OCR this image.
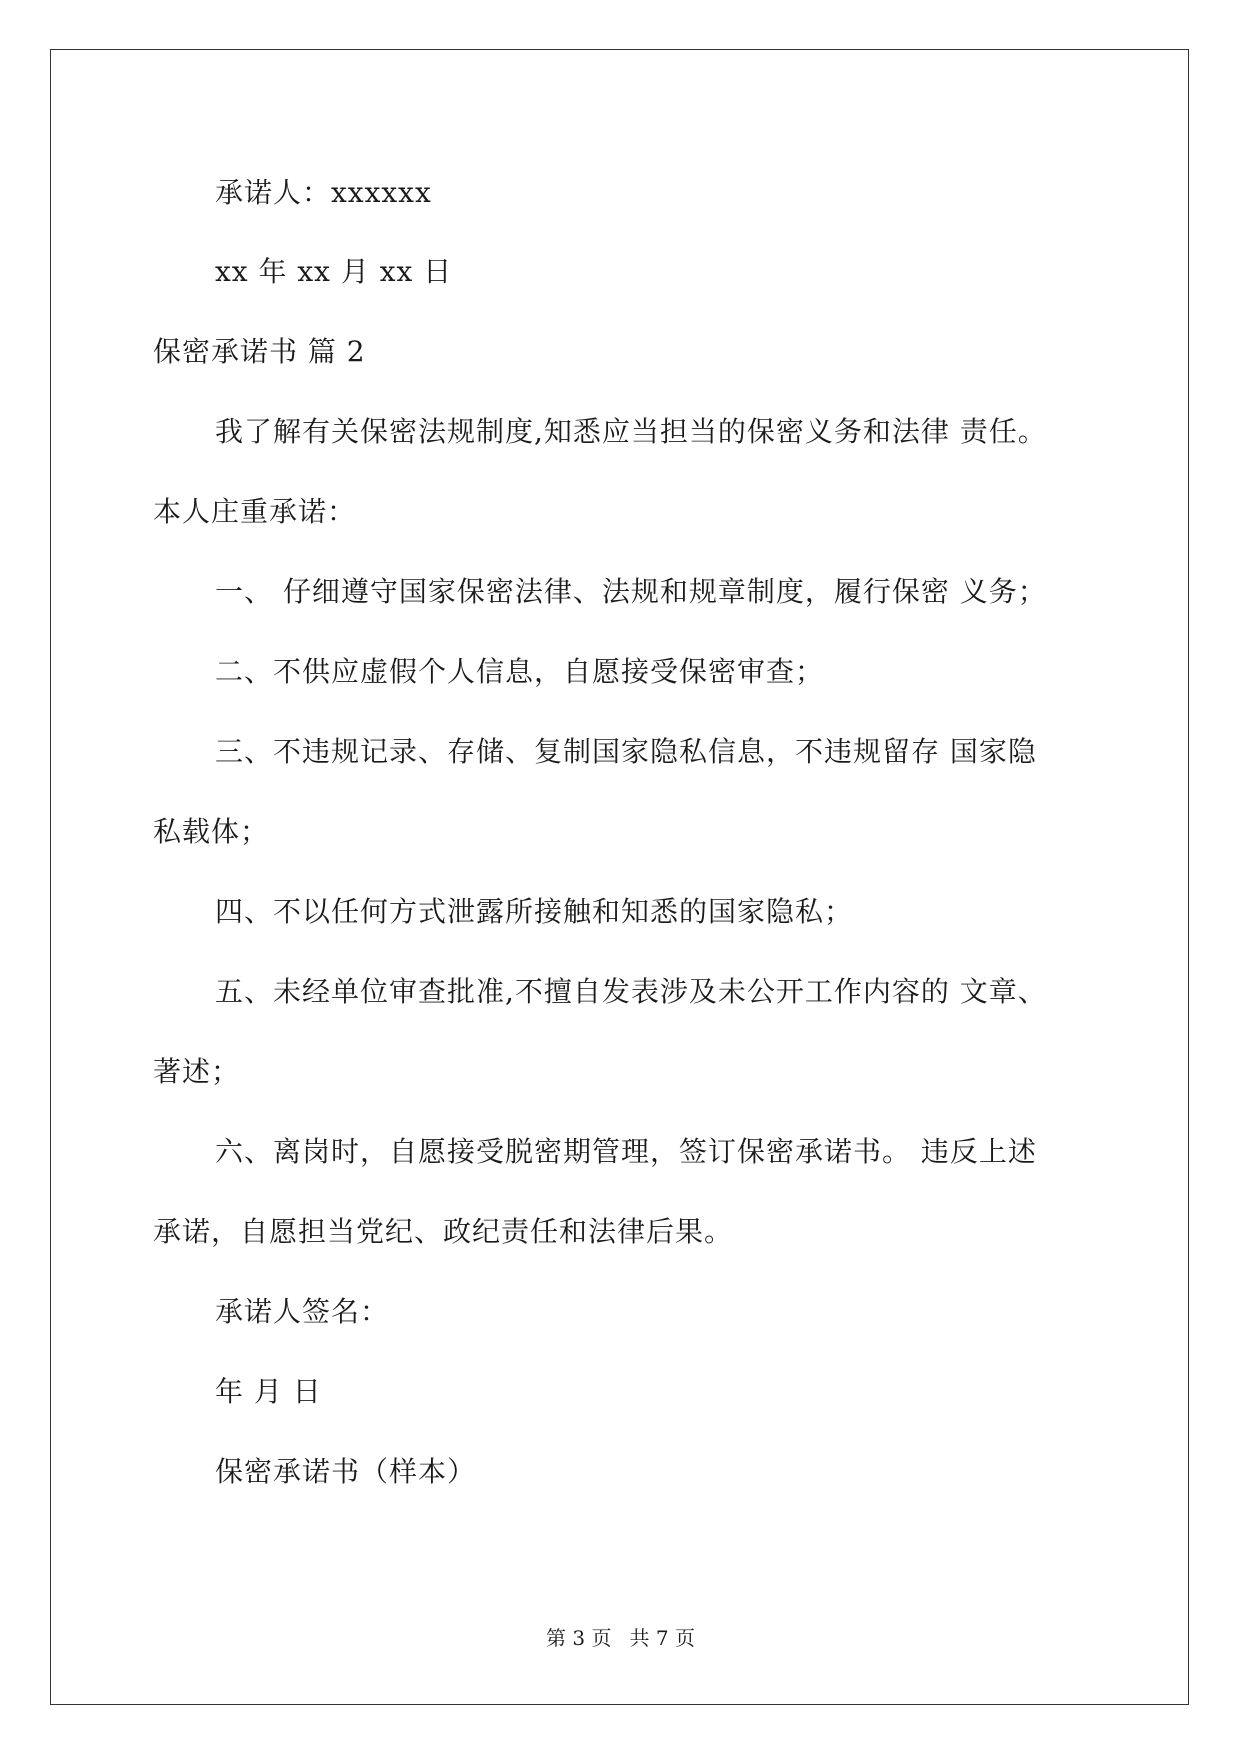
承诺人：xxxxxx
xx 年 xx 月 xx 日
保密承诺书 篇 2
我了解有关保密法规制度,知悉应当担当的保密义务和法律 责任。
本人庄重承诺：
一、 仔细遵守国家保密法律、法规和规章制度，履行保密 义务；
二、不供应虚假个人信息，自愿接受保密审查；
三、不违规记录、存储、复制国家隐私信息，不违规留存 国家隐
私载体；
四、不以任何方式泄露所接触和知悉的国家隐私；
五、未经单位审查批准,不擅自发表涉及未公开工作内容的 文章、
著述；
六、离岗时，自愿接受脱密期管理，签订保密承诺书。 违反上述
承诺，自愿担当党纪、政纪责任和法律后果。
承诺人签名：
年 月 日
保密承诺书（样本）
第 3 页 共 7 页
